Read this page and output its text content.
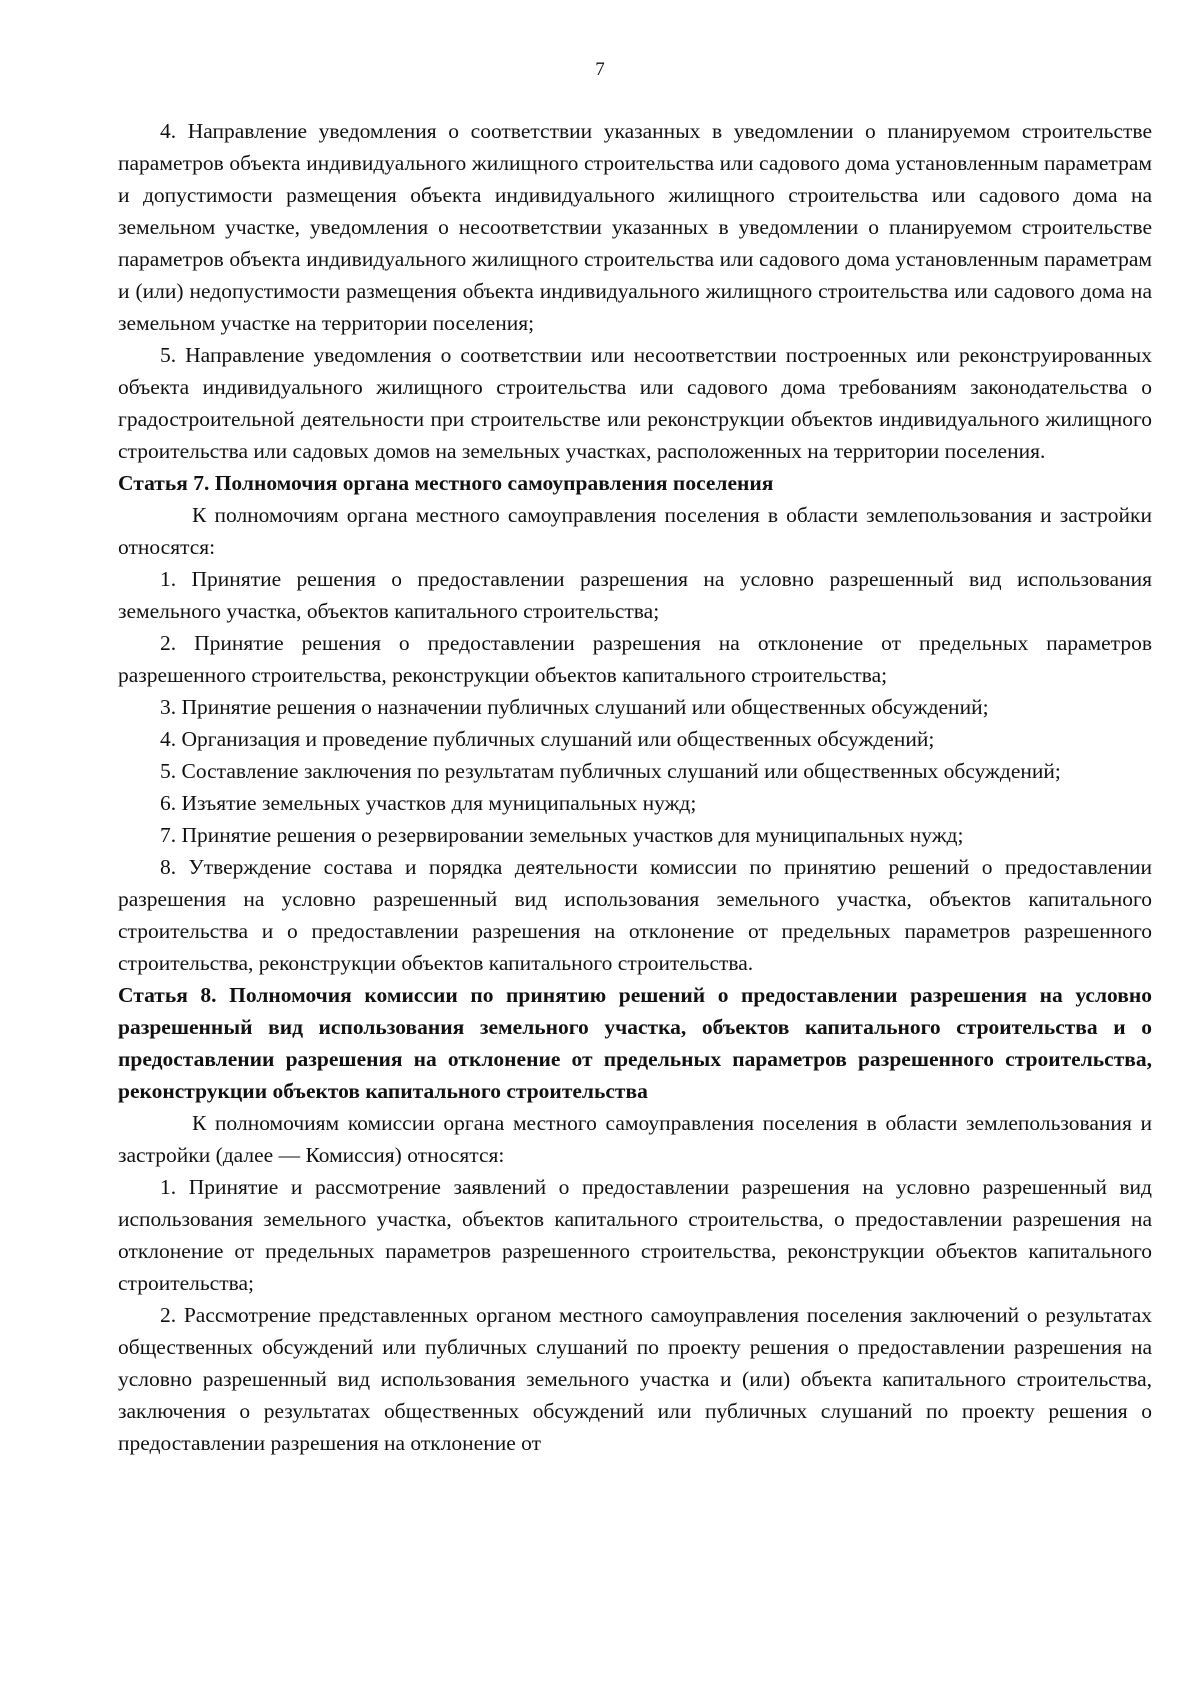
7

4. Направление уведомления о соответствии указанных в уведомлении о планируемом строительстве параметров объекта индивидуального жилищного строительства или садового дома установленным параметрам и допустимости размещения объекта индивидуального жилищного строительства или садового дома на земельном участке, уведомления о несоответствии указанных в уведомлении о планируемом строительстве параметров объекта индивидуального жилищного строительства или садового дома установленным параметрам и (или) недопустимости размещения объекта индивидуального жилищного строительства или садового дома на земельном участке на территории поселения;

5. Направление уведомления о соответствии или несоответствии построенных или реконструированных объекта индивидуального жилищного строительства или садового дома требованиям законодательства о градостроительной деятельности при строительстве или реконструкции объектов индивидуального жилищного строительства или садовых домов на земельных участках, расположенных на территории поселения.

Статья 7. Полномочия органа местного самоуправления поселения

К полномочиям органа местного самоуправления поселения в области землепользования и застройки относятся:

1. Принятие решения о предоставлении разрешения на условно разрешенный вид использования земельного участка, объектов капитального строительства;

2. Принятие решения о предоставлении разрешения на отклонение от предельных параметров разрешенного строительства, реконструкции объектов капитального строительства;

3. Принятие решения о назначении публичных слушаний или общественных обсуждений;

4. Организация и проведение публичных слушаний или общественных обсуждений;

5. Составление заключения по результатам публичных слушаний или общественных обсуждений;

6. Изъятие земельных участков для муниципальных нужд;

7. Принятие решения о резервировании земельных участков для муниципальных нужд;

8. Утверждение состава и порядка деятельности комиссии по принятию решений о предоставлении разрешения на условно разрешенный вид использования земельного участка, объектов капитального строительства и о предоставлении разрешения на отклонение от предельных параметров разрешенного строительства, реконструкции объектов капитального строительства.

Статья 8. Полномочия комиссии по принятию решений о предоставлении разрешения на условно разрешенный вид использования земельного участка, объектов капитального строительства и о предоставлении разрешения на отклонение от предельных параметров разрешенного строительства, реконструкции объектов капитального строительства

К полномочиям комиссии органа местного самоуправления поселения в области землепользования и застройки (далее — Комиссия) относятся:

1. Принятие и рассмотрение заявлений о предоставлении разрешения на условно разрешенный вид использования земельного участка, объектов капитального строительства, о предоставлении разрешения на отклонение от предельных параметров разрешенного строительства, реконструкции объектов капитального строительства;

2. Рассмотрение представленных органом местного самоуправления поселения заключений о результатах общественных обсуждений или публичных слушаний по проекту решения о предоставлении разрешения на условно разрешенный вид использования земельного участка и (или) объекта капитального строительства, заключения о результатах общественных обсуждений или публичных слушаний по проекту решения о предоставлении разрешения на отклонение от
